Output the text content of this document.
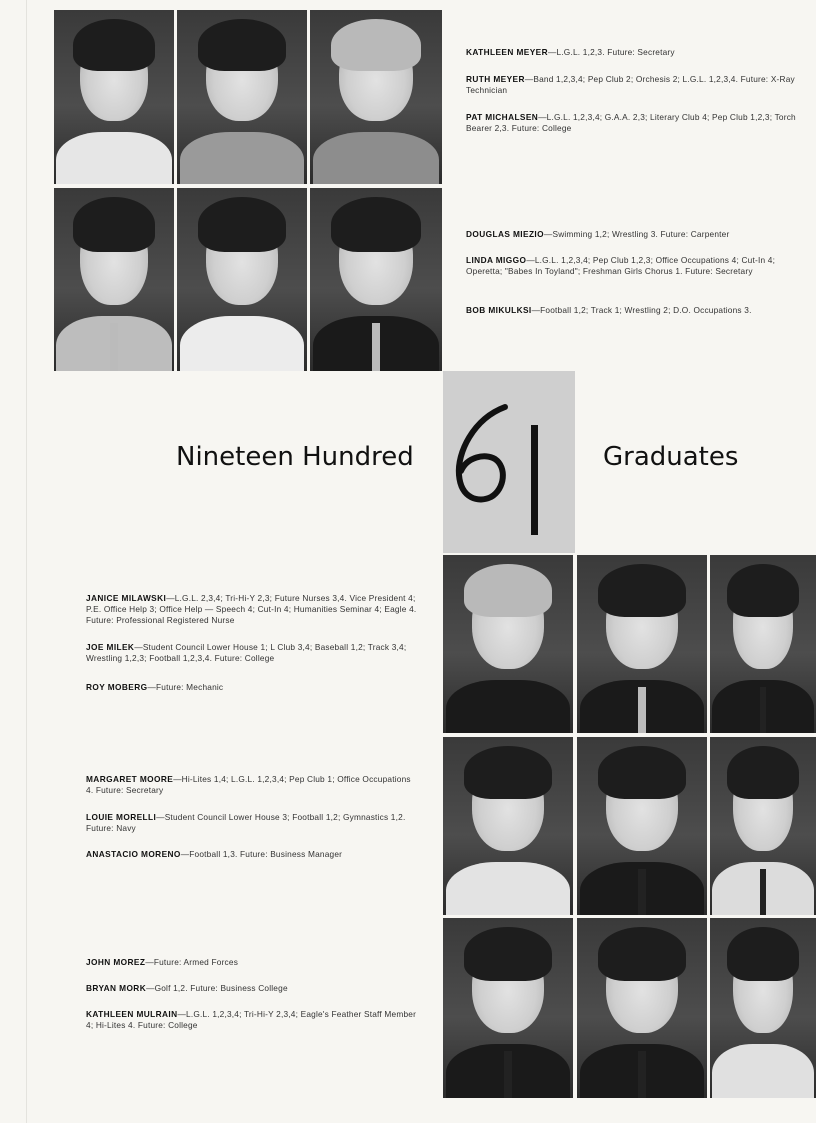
KATHLEEN MEYER—L.G.L. 1,2,3. Future: Secretary
RUTH MEYER—Band 1,2,3,4; Pep Club 2; Orchesis 2; L.G.L. 1,2,3,4. Future: X-Ray Technician
PAT MICHALSEN—L.G.L. 1,2,3,4; G.A.A. 2,3; Literary Club 4; Pep Club 1,2,3; Torch Bearer 2,3. Future: College
DOUGLAS MIEZIO—Swimming 1,2; Wrestling 3. Future: Carpenter
LINDA MIGGO—L.G.L. 1,2,3,4; Pep Club 1,2,3; Office Occupations 4; Cut-In 4; Operetta; "Babes In Toyland"; Freshman Girls Chorus 1. Future: Secretary
BOB MIKULKSI—Football 1,2; Track 1; Wrestling 2; D.O. Occupations 3.
Nineteen Hundred	Graduates
JANICE MILAWSKI—L.G.L. 2,3,4; Tri-Hi-Y 2,3; Future Nurses 3,4. Vice President 4; P.E. Office Help 3; Office Help — Speech 4; Cut-In 4; Humanities Seminar 4; Eagle 4. Future: Professional Registered Nurse
JOE MILEK—Student Council Lower House 1; L Club 3,4; Baseball 1,2; Track 3,4; Wrestling 1,2,3; Football 1,2,3,4. Future: College
ROY MOBERG—Future: Mechanic
MARGARET MOORE—Hi-Lites 1,4; L.G.L. 1,2,3,4; Pep Club 1; Office Occupations 4. Future: Secretary
LOUIE MORELLI—Student Council Lower House 3; Football 1,2; Gymnastics 1,2. Future: Navy
ANASTACIO MORENO—Football 1,3. Future: Business Manager
JOHN MOREZ—Future: Armed Forces
BRYAN MORK—Golf 1,2. Future: Business College
KATHLEEN MULRAIN—L.G.L. 1,2,3,4; Tri-Hi-Y 2,3,4; Eagle's Feather Staff Member 4; Hi-Lites 4. Future: College
